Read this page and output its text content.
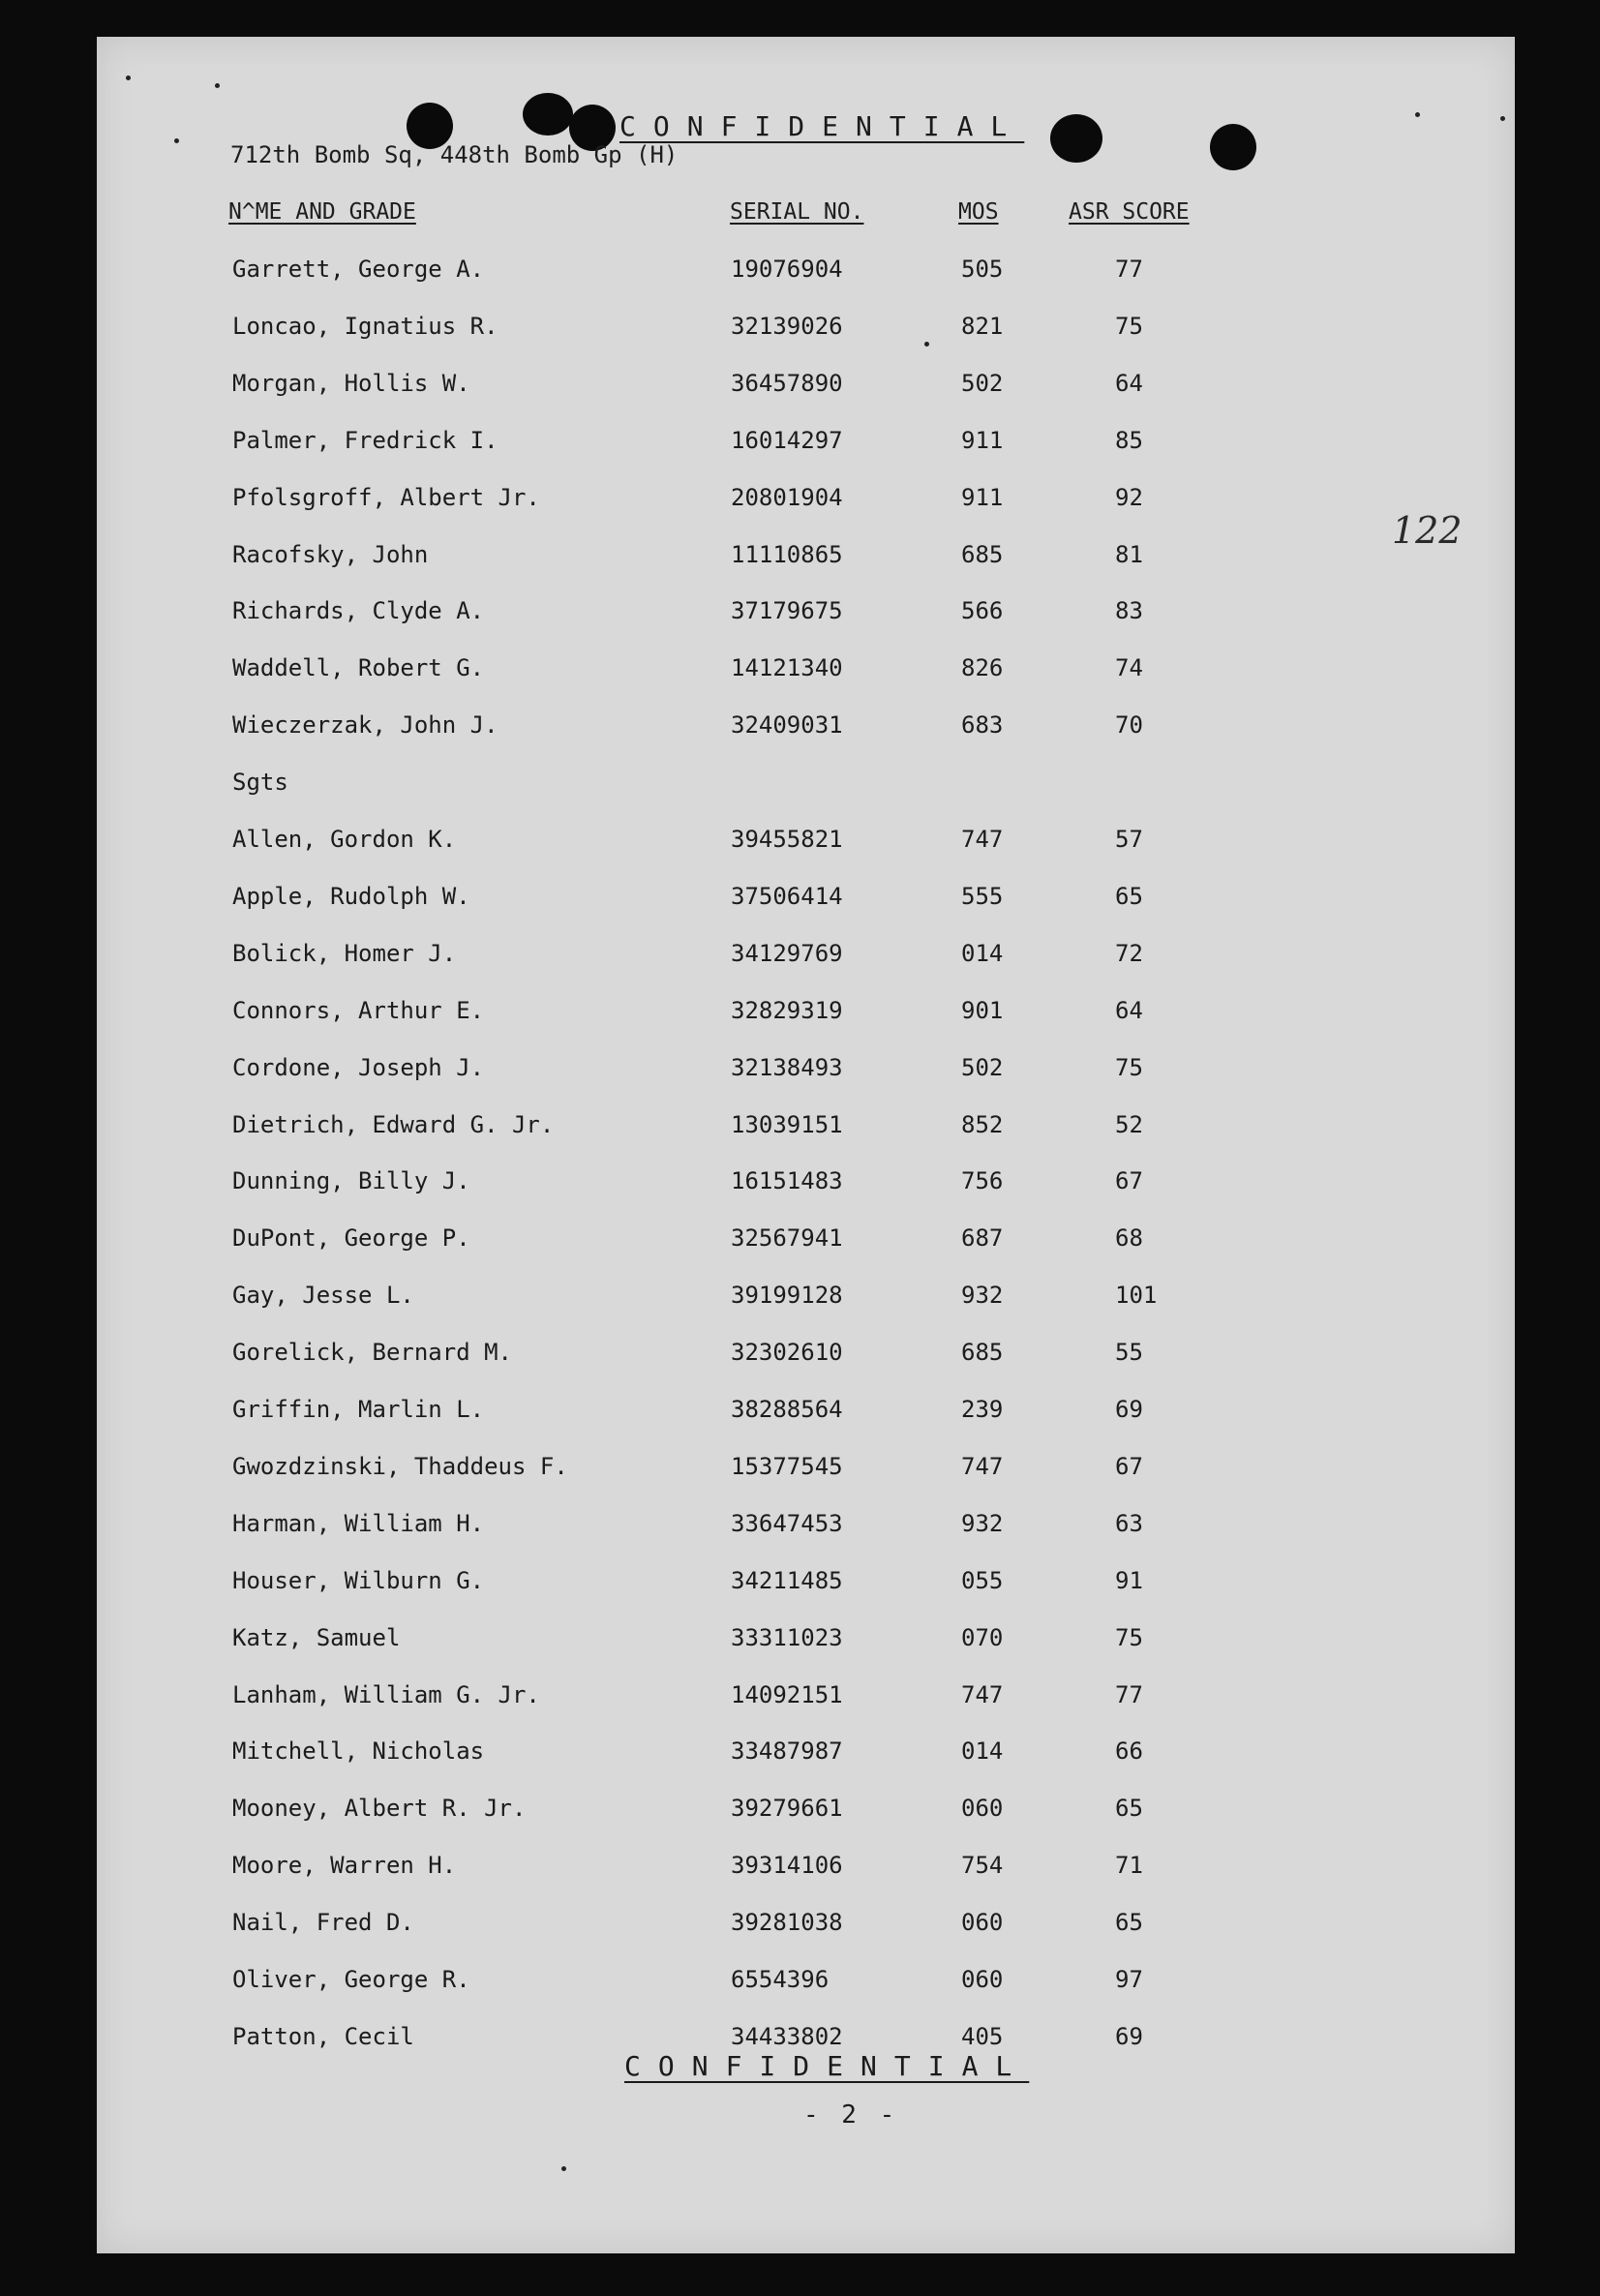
CONFIDENTIAL
712th Bomb Sq, 448th Bomb Gp (H)
N^ME AND GRADE	SERIAL NO.	MOS	ASR SCORE
122
Garrett, George A.	19076904	505	77
Loncao, Ignatius R.	32139026	821	75
Morgan, Hollis W.	36457890	502	64
Palmer, Fredrick I.	16014297	911	85
Pfolsgroff, Albert Jr.	20801904	911	92
Racofsky, John	11110865	685	81
Richards, Clyde A.	37179675	566	83
Waddell, Robert G.	14121340	826	74
Wieczerzak, John J.	32409031	683	70
Sgts
Allen, Gordon K.	39455821	747	57
Apple, Rudolph W.	37506414	555	65
Bolick, Homer J.	34129769	014	72
Connors, Arthur E.	32829319	901	64
Cordone, Joseph J.	32138493	502	75
Dietrich, Edward G. Jr.	13039151	852	52
Dunning, Billy J.	16151483	756	67
DuPont, George P.	32567941	687	68
Gay, Jesse L.	39199128	932	101
Gorelick, Bernard M.	32302610	685	55
Griffin, Marlin L.	38288564	239	69
Gwozdzinski, Thaddeus F.	15377545	747	67
Harman, William H.	33647453	932	63
Houser, Wilburn G.	34211485	055	91
Katz, Samuel	33311023	070	75
Lanham, William G. Jr.	14092151	747	77
Mitchell, Nicholas	33487987	014	66
Mooney, Albert R. Jr.	39279661	060	65
Moore, Warren H.	39314106	754	71
Nail, Fred D.	39281038	060	65
Oliver, George R.	6554396	060	97
Patton, Cecil	34433802	405	69
CONFIDENTIAL
- 2 -
